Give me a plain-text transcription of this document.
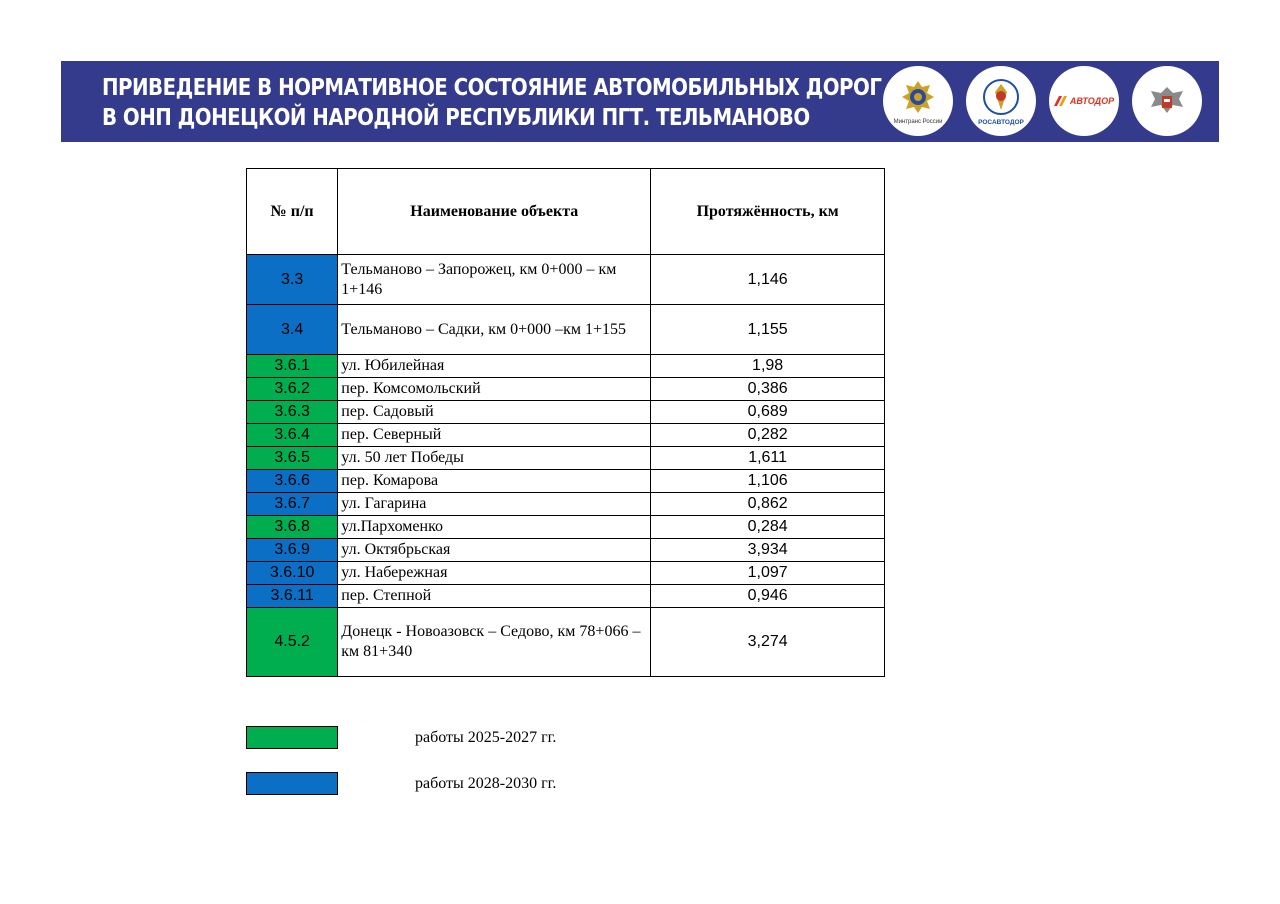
ПРИВЕДЕНИЕ В НОРМАТИВНОЕ СОСТОЯНИЕ АВТОМОБИЛЬНЫХ ДОРОГ
В ОНП ДОНЕЦКОЙ НАРОДНОЙ РЕСПУБЛИКИ ПГТ. ТЕЛЬМАНОВО	Минтранс России	РОСАВТОДОР
АВТОДОР
№ п/п	Наименование объекта	Протяжённость, км
3.3	Тельманово – Запорожец, км 0+000 – км 1+146	1,146
3.4	Тельманово – Садки, км 0+000 –км 1+155	1,155
3.6.1	ул. Юбилейная	1,98
3.6.2	пер. Комсомольский	0,386
3.6.3	пер. Садовый	0,689
3.6.4	пер. Северный	0,282
3.6.5	ул. 50 лет Победы	1,611
3.6.6	пер. Комарова	1,106
3.6.7	ул. Гагарина	0,862
3.6.8	ул.Пархоменко	0,284
3.6.9	ул. Октябрьская	3,934
3.6.10	ул. Набережная	1,097
3.6.11	пер. Степной	0,946
4.5.2	Донецк - Новоазовск – Седово, км 78+066 –км 81+340	3,274
работы 2025-2027 гг.
работы 2028-2030 гг.
